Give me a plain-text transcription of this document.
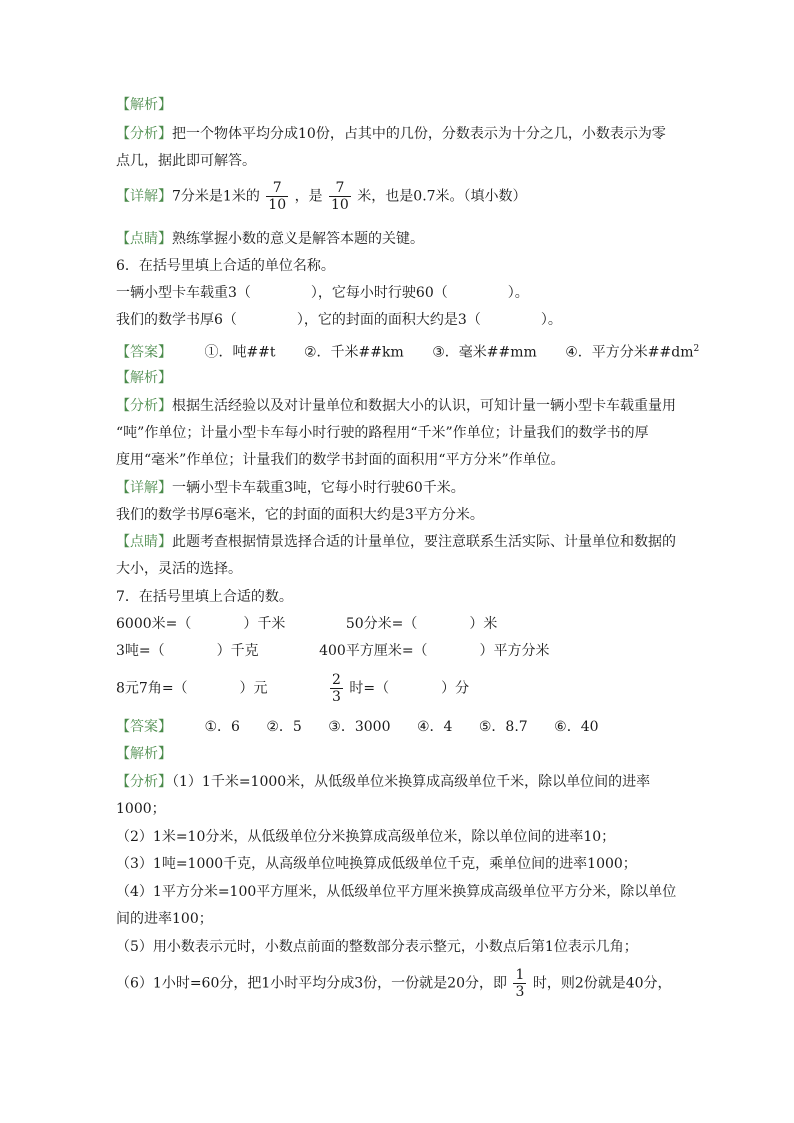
【解析】
【分析】把一个物体平均分成10份，占其中的几份，分数表示为十分之几，小数表示为零
点几，据此即可解答。
【详解】7分米是1米的 $\frac{7}{10}$ ，是 $\frac{7}{10}$ 米，也是0.7米。（填小数）
【点睛】熟练掌握小数的意义是解答本题的关键。
6．在括号里填上合适的单位名称。
一辆小型卡车载重3（	），它每小时行驶60（	）。
我们的数学书厚6（	），它的封面的面积大约是3（	）。
【答案】 ①．吨##t ②．千米##km ③．毫米##mm ④．平方分米$\#\#dm^2$
【解析】
【分析】根据生活经验以及对计量单位和数据大小的认识，可知计量一辆小型卡车载重量用
“吨”作单位；计量小型卡车每小时行驶的路程用“千米”作单位；计量我们的数学书的厚
度用“毫米”作单位；计量我们的数学书封面的面积用“平方分米”作单位。
【详解】一辆小型卡车载重3吨，它每小时行驶60千米。
我们的数学书厚6毫米，它的封面的面积大约是3平方分米。
【点睛】此题考查根据情景选择合适的计量单位，要注意联系生活实际、计量单位和数据的
大小，灵活的选择。
7．在括号里填上合适的数。
6000米=（	）千米	50分米=（	）米
3吨=（	）千克	400平方厘米=（	）平方分米
8元7角=（	）元	$\frac{2}{3}$ 时=（	）分
【答案】 ①．6 ②．5 ③．3000 ④．4 ⑤．8.7 ⑥．40
【解析】
【分析】（1）1千米=1000米，从低级单位米换算成高级单位千米，除以单位间的进率
1000；
（2）1米=10分米，从低级单位分米换算成高级单位米，除以单位间的进率10；
（3）1吨=1000千克，从高级单位吨换算成低级单位千克，乘单位间的进率1000；
（4）1平方分米=100平方厘米，从低级单位平方厘米换算成高级单位平方分米，除以单位
间的进率100；
（5）用小数表示元时，小数点前面的整数部分表示整元，小数点后第1位表示几角；
（6）1小时=60分，把1小时平均分成3份，一份就是20分，即 $\frac{1}{3}$ 时，则2份就是40分，
